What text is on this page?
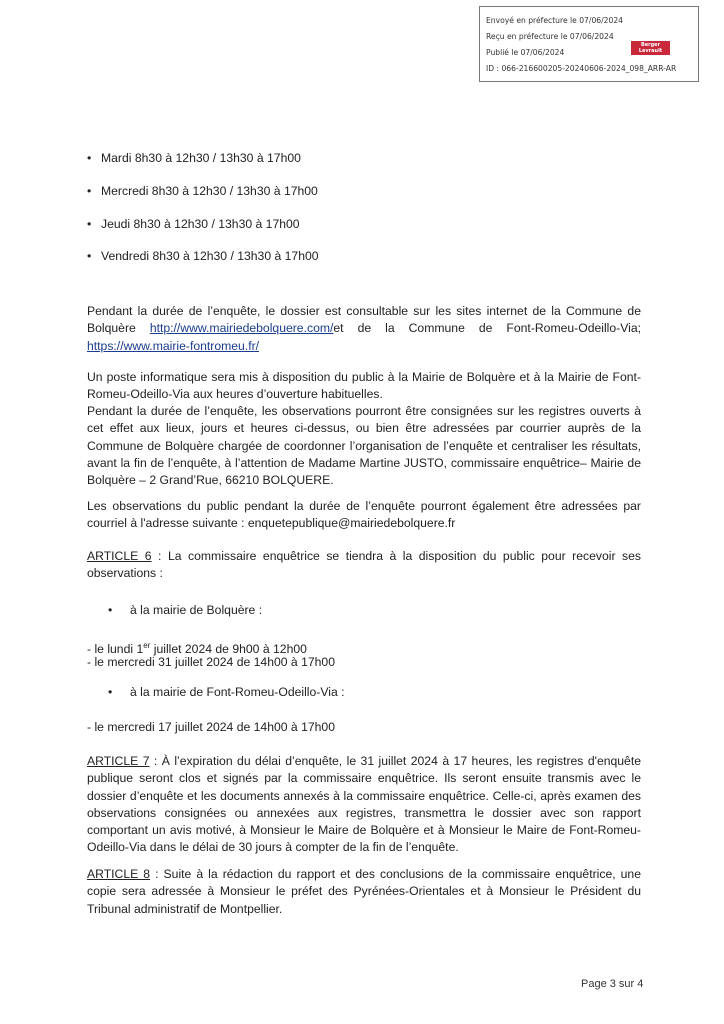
Envoyé en préfecture le 07/06/2024
Reçu en préfecture le 07/06/2024
Publié le 07/06/2024
ID : 066-216600205-20240606-2024_098_ARR-AR
Berger Levrault
• Mardi 8h30 à 12h30 / 13h30 à 17h00
• Mercredi 8h30 à 12h30 / 13h30 à 17h00
• Jeudi 8h30 à 12h30 / 13h30 à 17h00
• Vendredi 8h30 à 12h30 / 13h30 à 17h00
Pendant la durée de l’enquête, le dossier est consultable sur les sites internet de la Commune de Bolquère http://www.mairiedebolquere.com/et de la Commune de Font-Romeu-Odeillo-Via; https://www.mairie-fontromeu.fr/
Un poste informatique sera mis à disposition du public à la Mairie de Bolquère et à la Mairie de Font-Romeu-Odeillo-Via aux heures d’ouverture habituelles.
Pendant la durée de l’enquête, les observations pourront être consignées sur les registres ouverts à cet effet aux lieux, jours et heures ci-dessus, ou bien être adressées par courrier auprès de la Commune de Bolquère chargée de coordonner l’organisation de l’enquête et centraliser les résultats, avant la fin de l’enquête, à l’attention de Madame Martine JUSTO, commissaire enquêtrice– Mairie de Bolquère – 2 Grand’Rue, 66210 BOLQUERE.
Les observations du public pendant la durée de l’enquête pourront également être adressées par courriel à l'adresse suivante : enquetepublique@mairiedebolquere.fr
ARTICLE 6 : La commissaire enquêtrice se tiendra à la disposition du public pour recevoir ses observations :
• à la mairie de Bolquère :
- le lundi 1er juillet 2024 de 9h00 à 12h00
- le mercredi 31 juillet 2024 de 14h00 à 17h00
• à la mairie de Font-Romeu-Odeillo-Via :
- le mercredi 17 juillet 2024 de 14h00 à 17h00
ARTICLE 7 : À l’expiration du délai d’enquête, le 31 juillet 2024 à 17 heures, les registres d'enquête publique seront clos et signés par la commissaire enquêtrice. Ils seront ensuite transmis avec le dossier d’enquête et les documents annexés à la commissaire enquêtrice. Celle-ci, après examen des observations consignées ou annexées aux registres, transmettra le dossier avec son rapport comportant un avis motivé, à Monsieur le Maire de Bolquère et à Monsieur le Maire de Font-Romeu-Odeillo-Via dans le délai de 30 jours à compter de la fin de l’enquête.
ARTICLE 8 : Suite à la rédaction du rapport et des conclusions de la commissaire enquêtrice, une copie sera adressée à Monsieur le préfet des Pyrénées-Orientales et à Monsieur le Président du Tribunal administratif de Montpellier.
Page 3 sur 4
